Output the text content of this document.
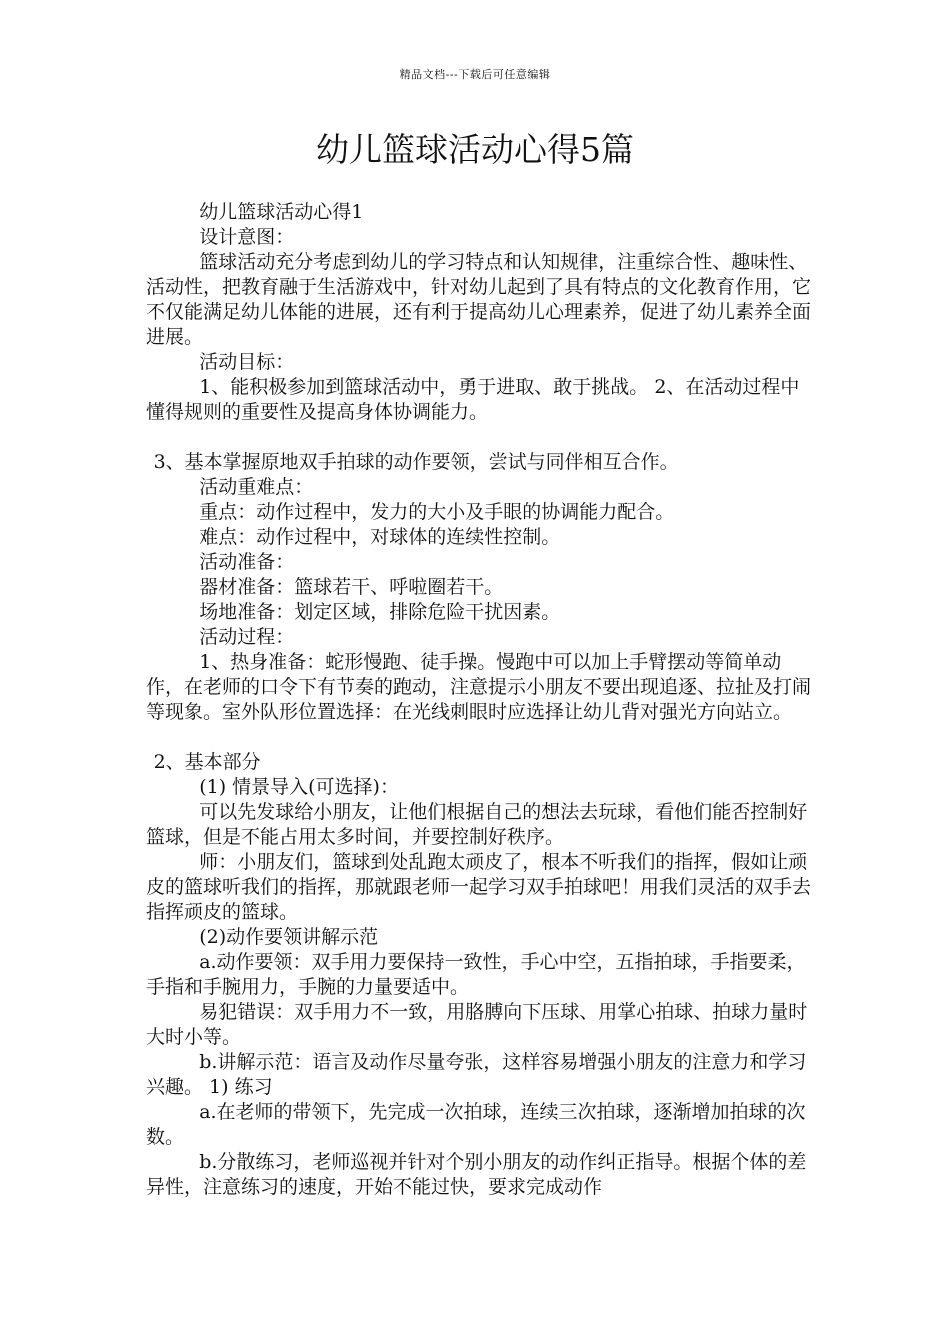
精品文档---下载后可任意编辑
幼儿篮球活动心得5篇

幼儿篮球活动心得1

设计意图：

篮球活动充分考虑到幼儿的学习特点和认知规律，注重综合性、趣味性、活动性，把教育融于生活游戏中，针对幼儿起到了具有特点的文化教育作用，它不仅能满足幼儿体能的进展，还有利于提高幼儿心理素养，促进了幼儿素养全面进展。

活动目标：

1、能积极参加到篮球活动中，勇于进取、敢于挑战。 2、在活动过程中懂得规则的重要性及提高身体协调能力。

3、基本掌握原地双手拍球的动作要领，尝试与同伴相互合作。

活动重难点：

重点：动作过程中，发力的大小及手眼的协调能力配合。

难点：动作过程中，对球体的连续性控制。

活动准备：

器材准备：篮球若干、呼啦圈若干。

场地准备：划定区域，排除危险干扰因素。

活动过程：

1、热身准备：蛇形慢跑、徒手操。慢跑中可以加上手臂摆动等简单动作，在老师的口令下有节奏的跑动，注意提示小朋友不要出现追逐、拉扯及打闹等现象。室外队形位置选择：在光线刺眼时应选择让幼儿背对强光方向站立。

2、基本部分

(1) 情景导入(可选择)：

可以先发球给小朋友，让他们根据自己的想法去玩球，看他们能否控制好篮球，但是不能占用太多时间，并要控制好秩序。

师：小朋友们，篮球到处乱跑太顽皮了，根本不听我们的指挥，假如让顽皮的篮球听我们的指挥，那就跟老师一起学习双手拍球吧！用我们灵活的双手去指挥顽皮的篮球。

(2)动作要领讲解示范

a.动作要领：双手用力要保持一致性，手心中空，五指拍球，手指要柔，手指和手腕用力，手腕的力量要适中。

易犯错误：双手用力不一致，用胳膊向下压球、用掌心拍球、拍球力量时大时小等。

b.讲解示范：语言及动作尽量夸张，这样容易增强小朋友的注意力和学习兴趣。 1) 练习

a.在老师的带领下，先完成一次拍球，连续三次拍球，逐渐增加拍球的次数。

b.分散练习，老师巡视并针对个别小朋友的动作纠正指导。根据个体的差异性，注意练习的速度，开始不能过快，要求完成动作
